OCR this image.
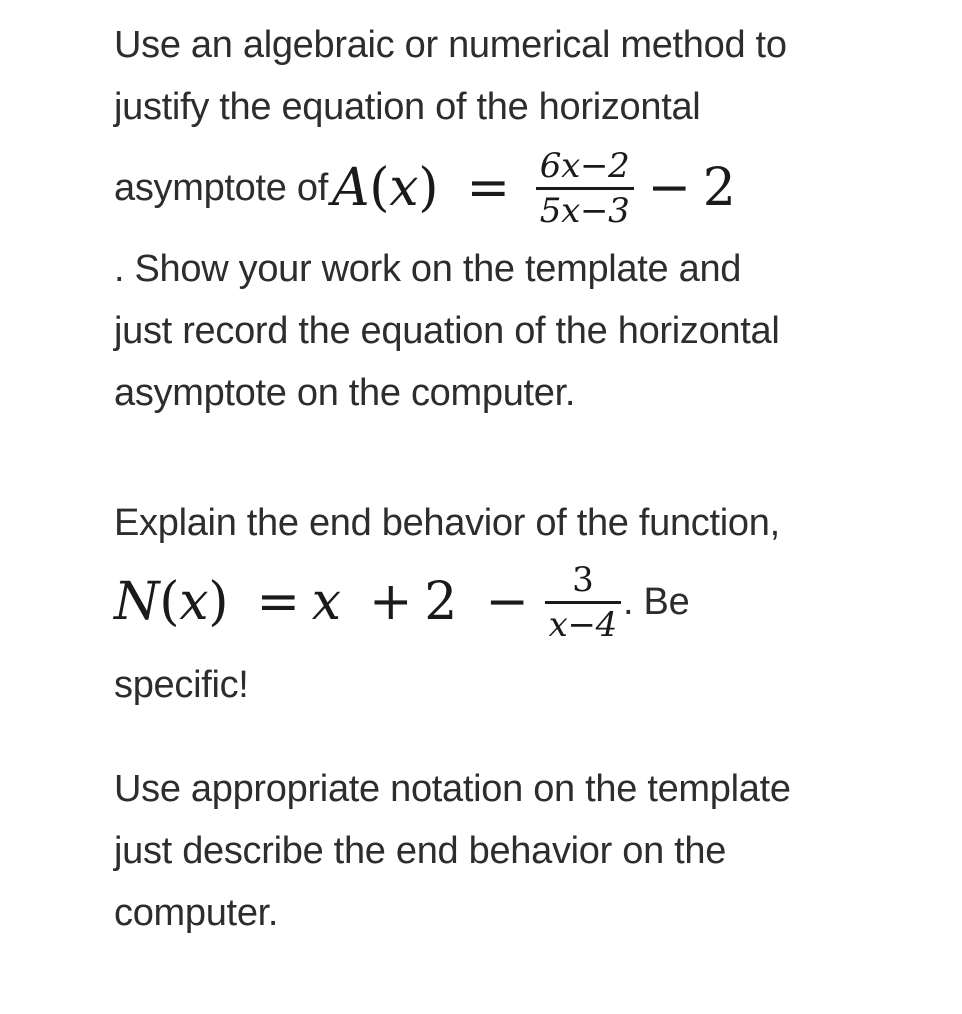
Use an algebraic or numerical method to
justify the equation of the horizontal
asymptote of $A(x) = \frac{6x-2}{5x-3} - 2$
. Show your work on the template and
just record the equation of the horizontal
asymptote on the computer.
Explain the end behavior of the function,
$N(x) = x + 2 - \frac{3}{x-4}$ . Be
specific!
Use appropriate notation on the template
just describe the end behavior on the
computer.
